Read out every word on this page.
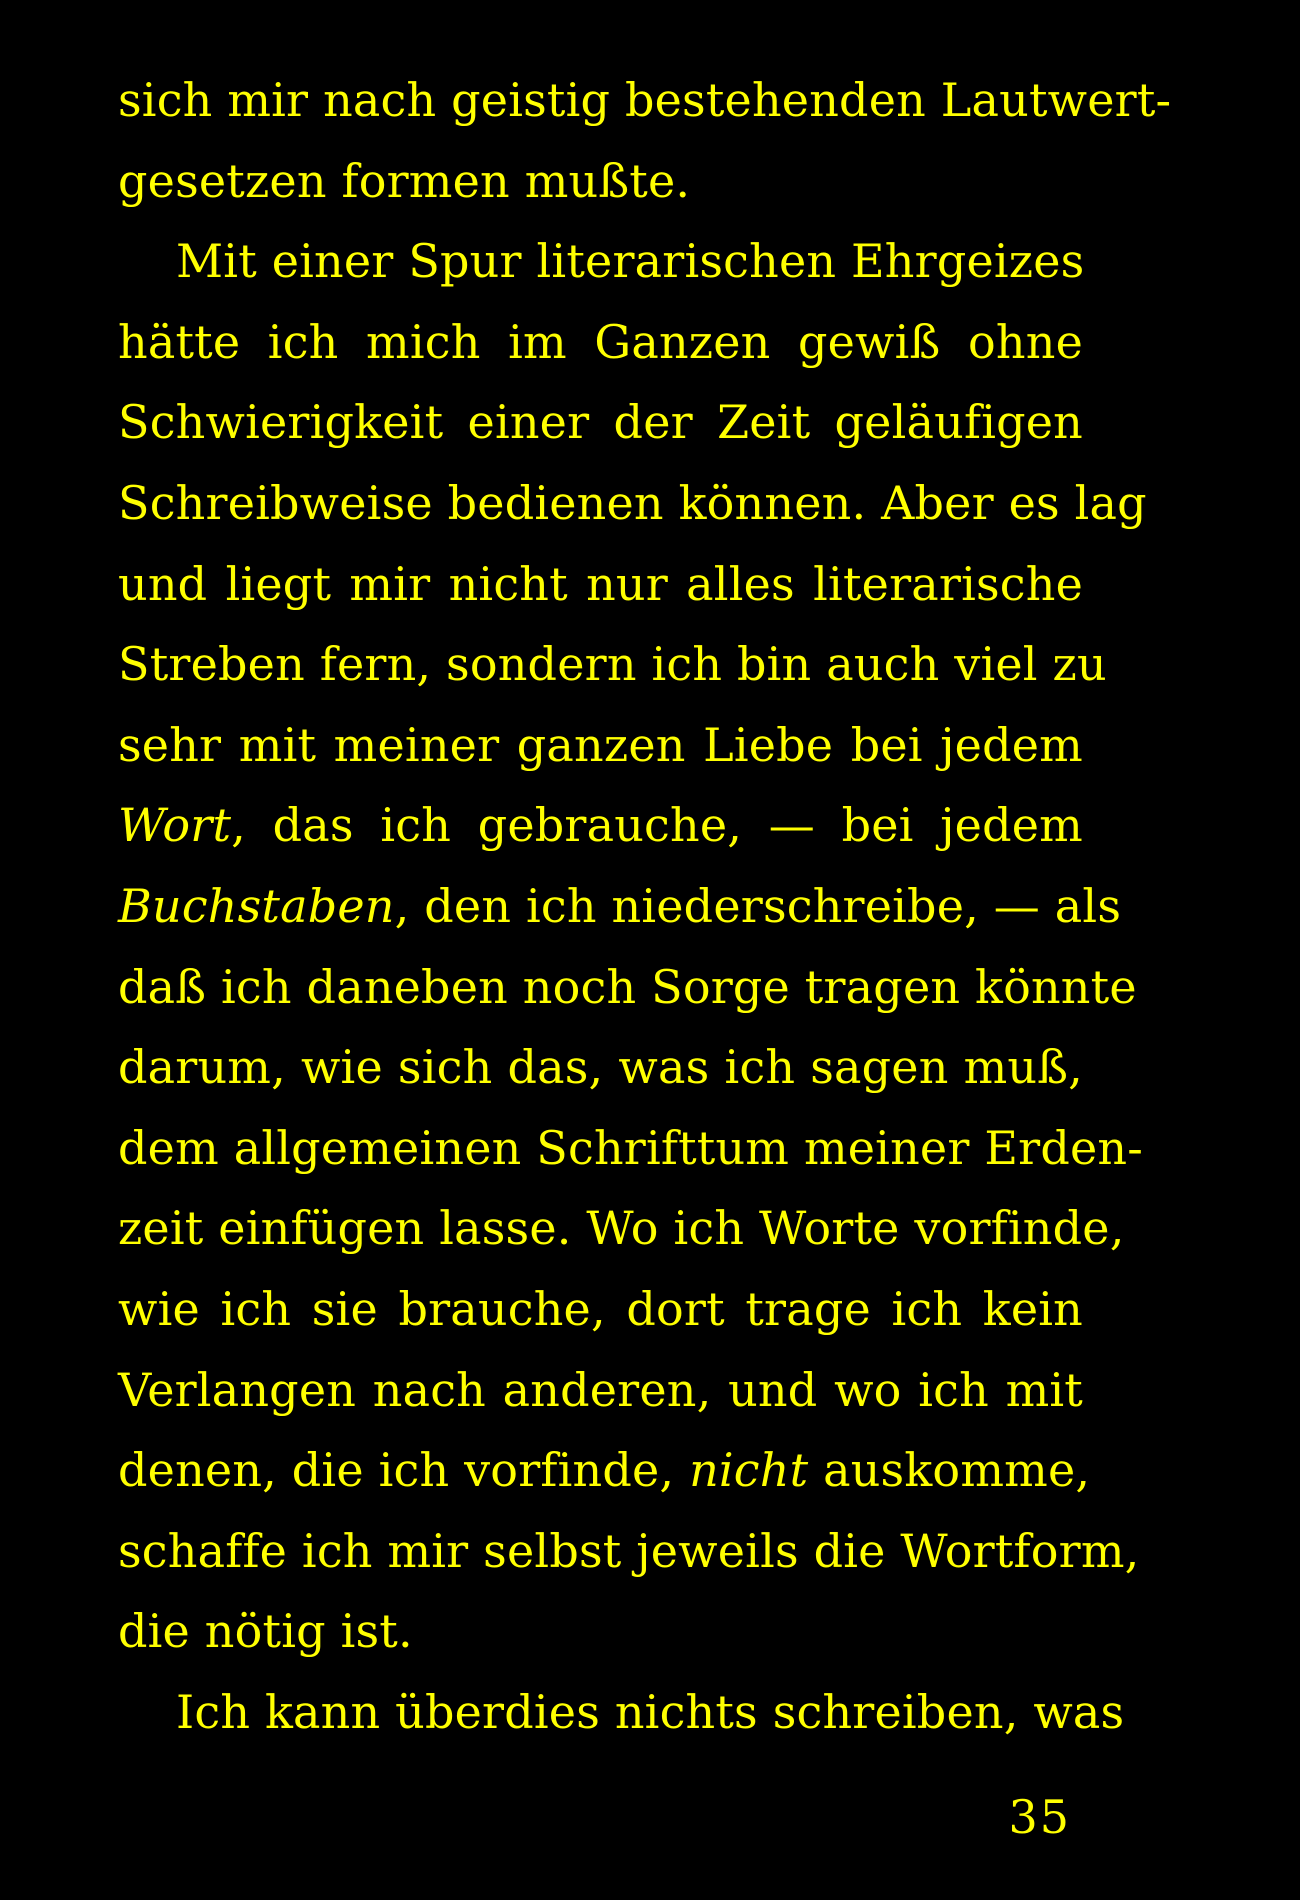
sich mir nach geistig bestehenden Lautwert-
gesetzen formen mußte.
Mit einer Spur literarischen Ehrgeizes
hätte ich mich im Ganzen gewiß ohne
Schwierigkeit einer der Zeit geläufigen
Schreibweise bedienen können. Aber es lag
und liegt mir nicht nur alles literarische
Streben fern, sondern ich bin auch viel zu
sehr mit meiner ganzen Liebe bei jedem
Wort, das ich gebrauche, — bei jedem
Buchstaben, den ich niederschreibe, — als
daß ich daneben noch Sorge tragen könnte
darum, wie sich das, was ich sagen muß,
dem allgemeinen Schrifttum meiner Erden-
zeit einfügen lasse. Wo ich Worte vorfinde,
wie ich sie brauche, dort trage ich kein
Verlangen nach anderen, und wo ich mit
denen, die ich vorfinde, nicht auskomme,
schaffe ich mir selbst jeweils die Wortform,
die nötig ist.
Ich kann überdies nichts schreiben, was
35
